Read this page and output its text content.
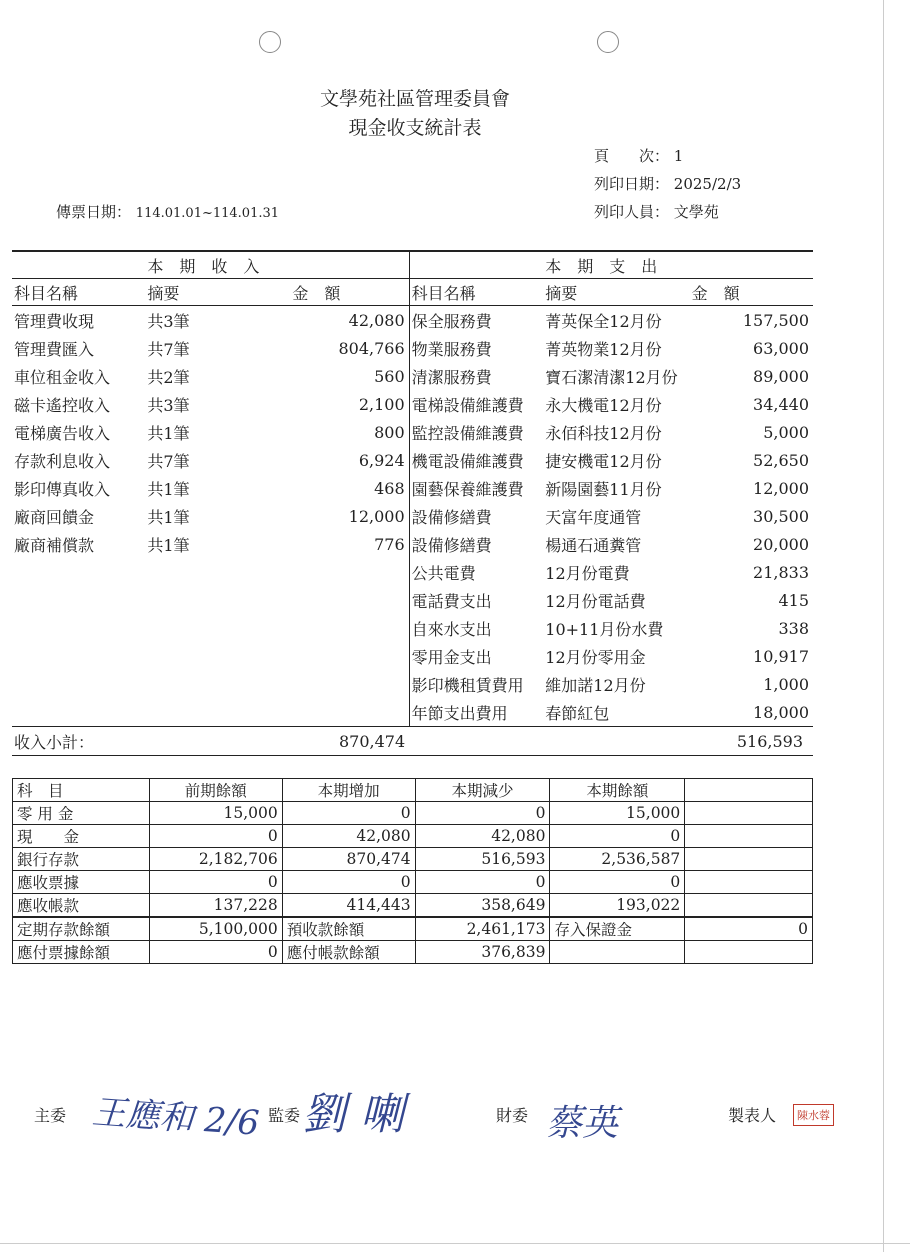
文學苑社區管理委員會
現金收支統計表
頁　　次： 1
列印日期： 2025/2/3
列印人員： 文學苑
傳票日期： 114.01.01~114.01.31
	本　期　收　入			本　期　支　出	
科目名稱	摘要	金　額	科目名稱	摘要	金　額
管理費收現	共3筆	42,080	保全服務費	菁英保全12月份	157,500
管理費匯入	共7筆	804,766	物業服務費	菁英物業12月份	63,000
車位租金收入	共2筆	560	清潔服務費	寶石潔清潔12月份	89,000
磁卡遙控收入	共3筆	2,100	電梯設備維護費	永大機電12月份	34,440
電梯廣告收入	共1筆	800	監控設備維護費	永佰科技12月份	5,000
存款利息收入	共7筆	6,924	機電設備維護費	捷安機電12月份	52,650
影印傳真收入	共1筆	468	園藝保養維護費	新陽園藝11月份	12,000
廠商回饋金	共1筆	12,000	設備修繕費	天富年度通管	30,500
廠商補償款	共1筆	776	設備修繕費	楊通石通糞管	20,000
			公共電費	12月份電費	21,833
			電話費支出	12月份電話費	415
			自來水支出	10+11月份水費	338
			零用金支出	12月份零用金	10,917
			影印機租賃費用	維加諾12月份	1,000
			年節支出費用	春節紅包	18,000
收入小計：		870,474			516,593
科　目	前期餘額	本期增加	本期減少	本期餘額	
零 用 金	15,000	0	0	15,000	
現　　金	0	42,080	42,080	0	
銀行存款	2,182,706	870,474	516,593	2,536,587	
應收票據	0	0	0	0	
應收帳款	137,228	414,443	358,649	193,022	
定期存款餘額	5,100,000	預收款餘額	2,461,173	存入保證金	0
應付票據餘額	0	應付帳款餘額	376,839		
主委 王應和 2/6 監委 劉喇	財委 蔡英	製表人	陳水蓉
